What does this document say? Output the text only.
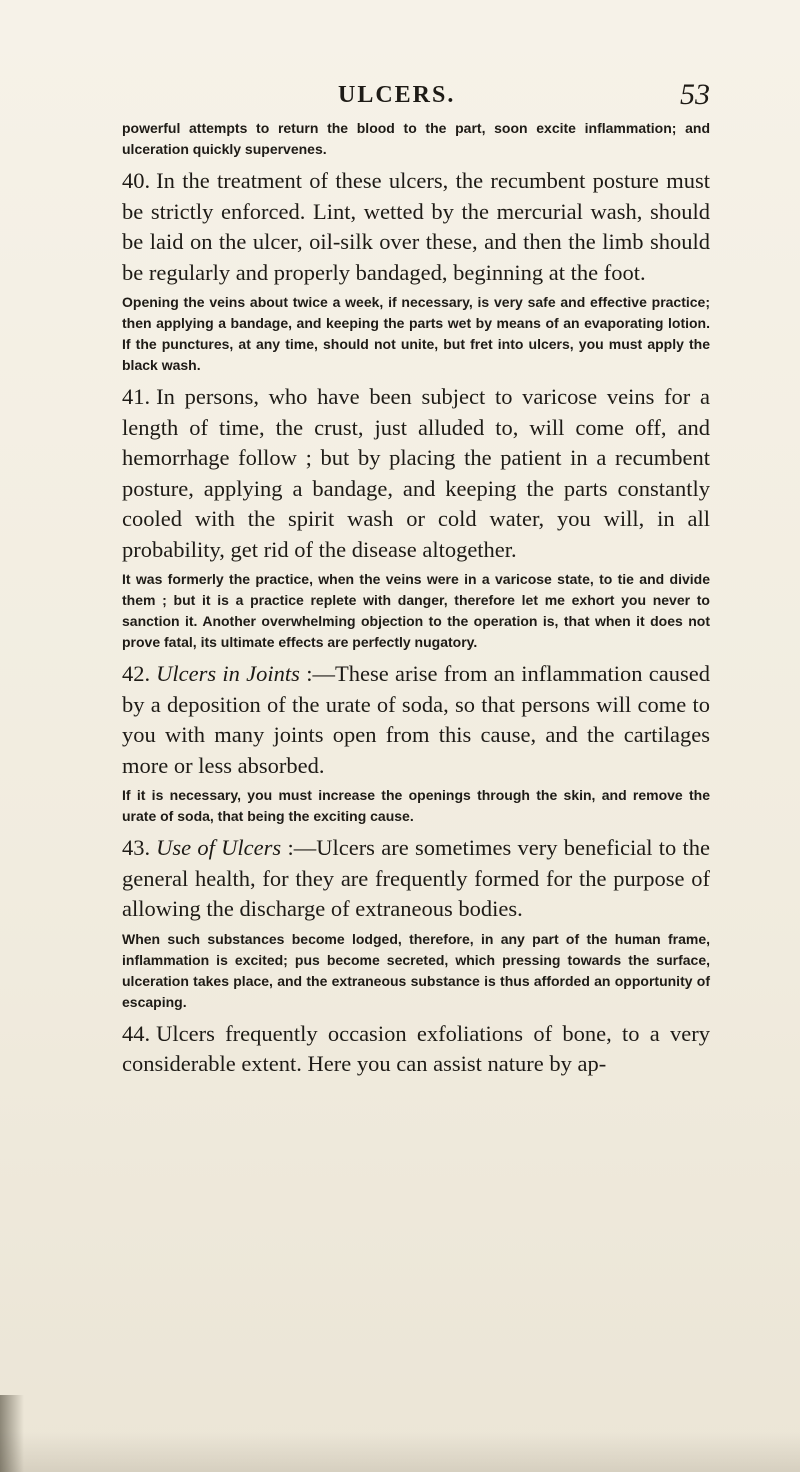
ULCERS.	53

powerful attempts to return the blood to the part, soon excite inflammation; and ulceration quickly supervenes.

40. In the treatment of these ulcers, the recumbent posture must be strictly enforced. Lint, wetted by the mercurial wash, should be laid on the ulcer, oil-silk over these, and then the limb should be regularly and properly bandaged, beginning at the foot.

Opening the veins about twice a week, if necessary, is very safe and effective practice; then applying a bandage, and keeping the parts wet by means of an evaporating lotion. If the punctures, at any time, should not unite, but fret into ulcers, you must apply the black wash.

41. In persons, who have been subject to varicose veins for a length of time, the crust, just alluded to, will come off, and hemorrhage follow ; but by placing the patient in a recumbent posture, applying a bandage, and keeping the parts constantly cooled with the spirit wash or cold water, you will, in all probability, get rid of the disease altogether.

It was formerly the practice, when the veins were in a varicose state, to tie and divide them ; but it is a practice replete with danger, therefore let me exhort you never to sanction it. Another overwhelming objection to the operation is, that when it does not prove fatal, its ultimate effects are perfectly nugatory.

42. Ulcers in Joints :—These arise from an inflammation caused by a deposition of the urate of soda, so that persons will come to you with many joints open from this cause, and the cartilages more or less absorbed.

If it is necessary, you must increase the openings through the skin, and remove the urate of soda, that being the exciting cause.

43. Use of Ulcers :—Ulcers are sometimes very beneficial to the general health, for they are frequently formed for the purpose of allowing the discharge of extraneous bodies.

When such substances become lodged, therefore, in any part of the human frame, inflammation is excited; pus become secreted, which pressing towards the surface, ulceration takes place, and the extraneous substance is thus afforded an opportunity of escaping.

44. Ulcers frequently occasion exfoliations of bone, to a very considerable extent. Here you can assist nature by ap-
